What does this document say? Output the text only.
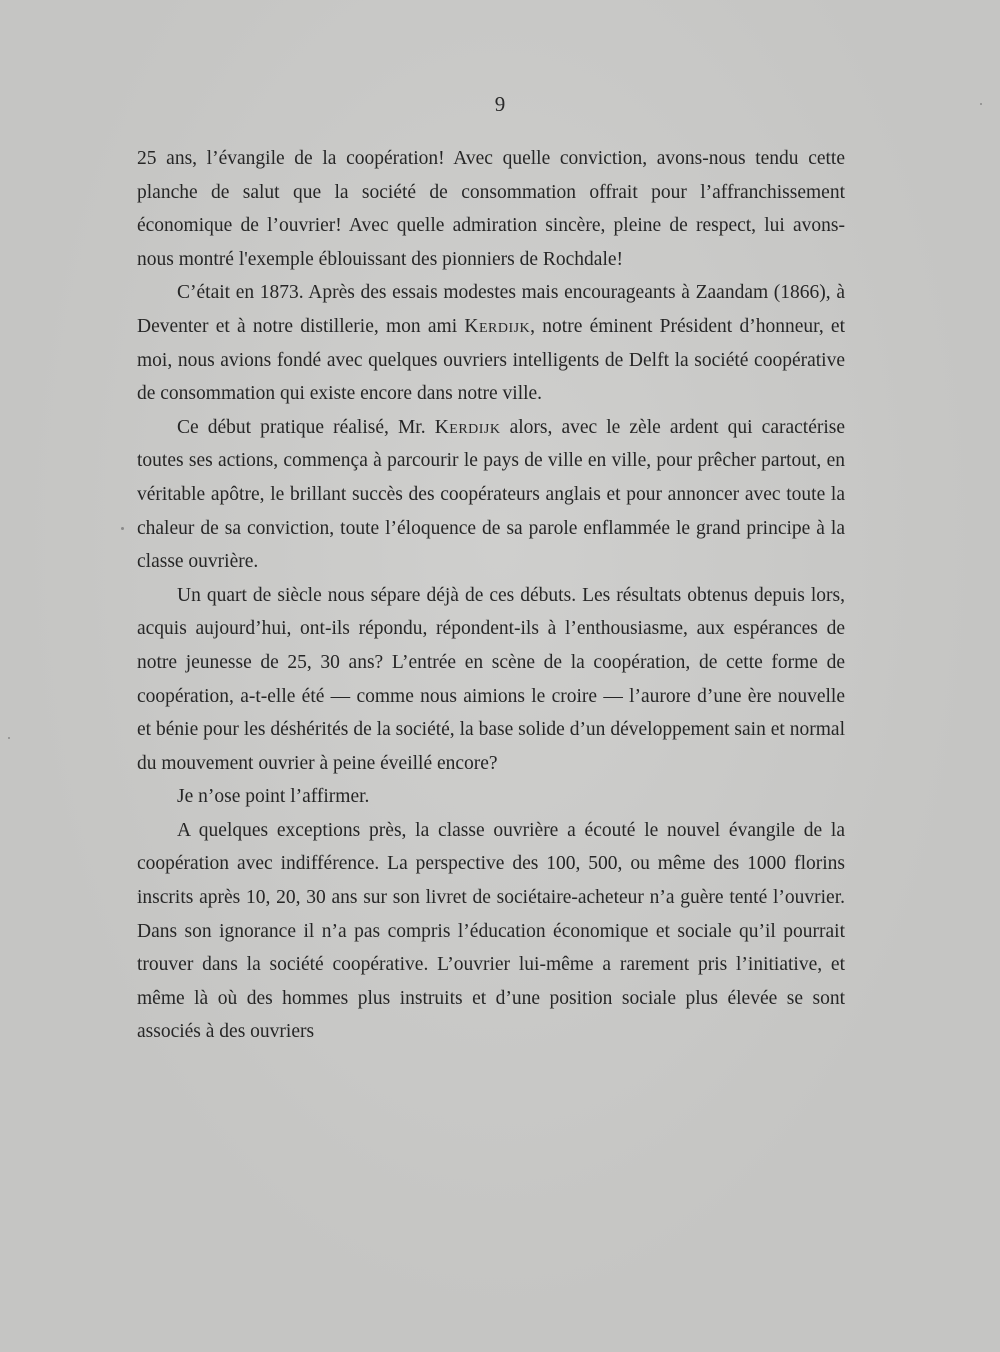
9

25 ans, l’évangile de la coopération! Avec quelle conviction, avons-nous tendu cette planche de salut que la société de consommation offrait pour l’affranchissement économique de l’ouvrier! Avec quelle admiration sincère, pleine de respect, lui avons-nous montré l'exemple éblouissant des pionniers de Rochdale!

C’était en 1873. Après des essais modestes mais encourageants à Zaandam (1866), à Deventer et à notre distillerie, mon ami Kerdijk, notre éminent Président d’honneur, et moi, nous avions fondé avec quelques ouvriers intelligents de Delft la société coopérative de consommation qui existe encore dans notre ville.

Ce début pratique réalisé, Mr. Kerdijk alors, avec le zèle ardent qui caractérise toutes ses actions, commença à parcourir le pays de ville en ville, pour prêcher partout, en véritable apôtre, le brillant succès des coopérateurs anglais et pour annoncer avec toute la chaleur de sa conviction, toute l’éloquence de sa parole enflammée le grand principe à la classe ouvrière.

Un quart de siècle nous sépare déjà de ces débuts. Les résultats obtenus depuis lors, acquis aujourd’hui, ont-ils répondu, répondent-ils à l’enthousiasme, aux espérances de notre jeunesse de 25, 30 ans? L’entrée en scène de la coopération, de cette forme de coopération, a-t-elle été — comme nous aimions le croire — l’aurore d’une ère nouvelle et bénie pour les déshérités de la société, la base solide d’un développement sain et normal du mouvement ouvrier à peine éveillé encore?

Je n’ose point l’affirmer.

A quelques exceptions près, la classe ouvrière a écouté le nouvel évangile de la coopération avec indifférence. La perspective des 100, 500, ou même des 1000 florins inscrits après 10, 20, 30 ans sur son livret de sociétaire-acheteur n’a guère tenté l’ouvrier. Dans son ignorance il n’a pas compris l’éducation économique et sociale qu’il pourrait trouver dans la société coopérative. L’ouvrier lui-même a rarement pris l’initiative, et même là où des hommes plus instruits et d’une position sociale plus élevée se sont associés à des ouvriers
